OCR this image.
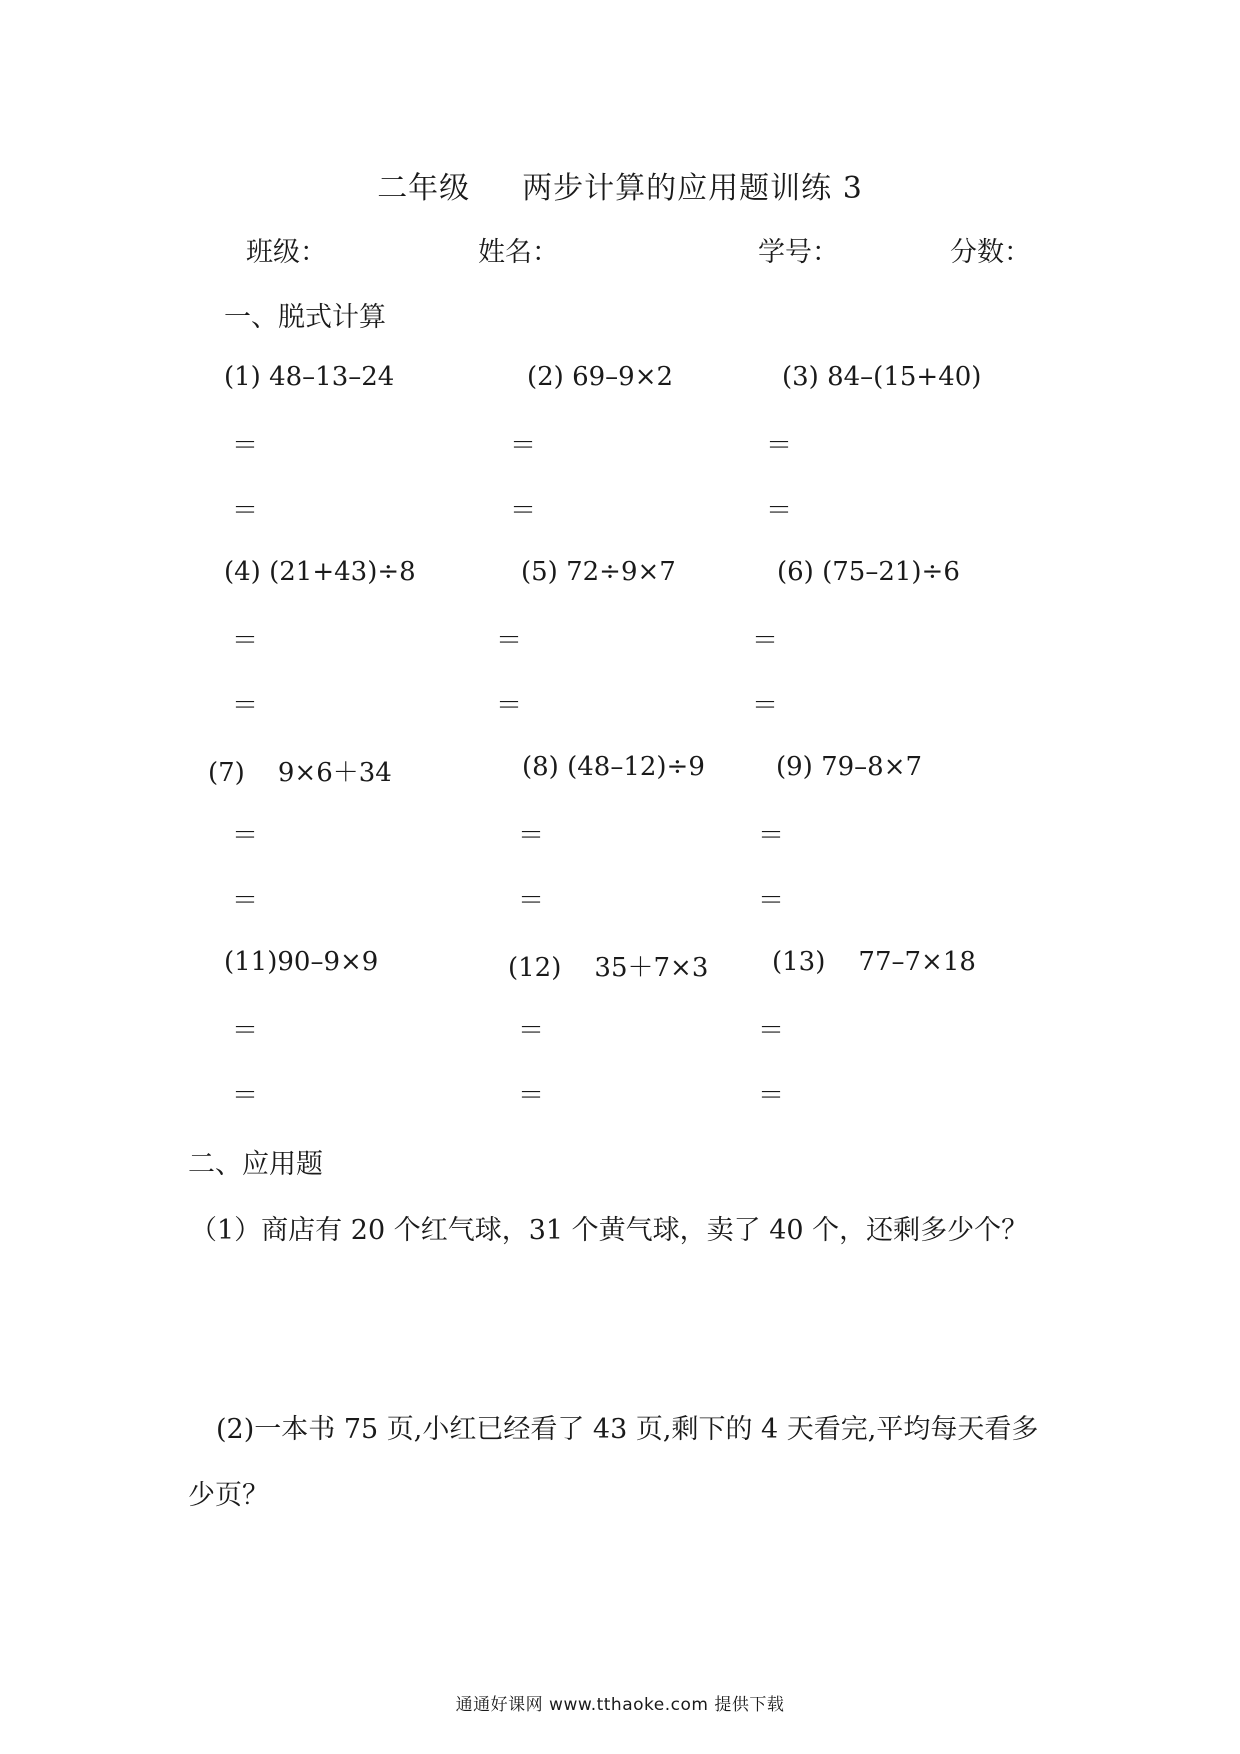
二年级 两步计算的应用题训练 3
班级：	姓名：	学号：	分数：
一、脱式计算
(1) 48–13–24	(2) 69–9×2	(3) 84–(15+40)
＝	＝	＝
＝	＝	＝
(4) (21+43)÷8	(5) 72÷9×7	(6) (75–21)÷6
＝	＝	＝
＝	＝	＝
(7)    9×6＋34	(8) (48–12)÷9	(9) 79–8×7
＝	＝	＝
＝	＝	＝
(11)90–9×9	(12)    35＋7×3 (13)    77–7×18
＝	＝	＝
＝	＝	＝
二、应用题
（1）商店有 20 个红气球，31 个黄气球，卖了 40 个，还剩多少个？
(2)一本书 75 页,小红已经看了 43 页,剩下的 4 天看完,平均每天看多
少页？
通通好课网 www.tthaoke.com 提供下载
